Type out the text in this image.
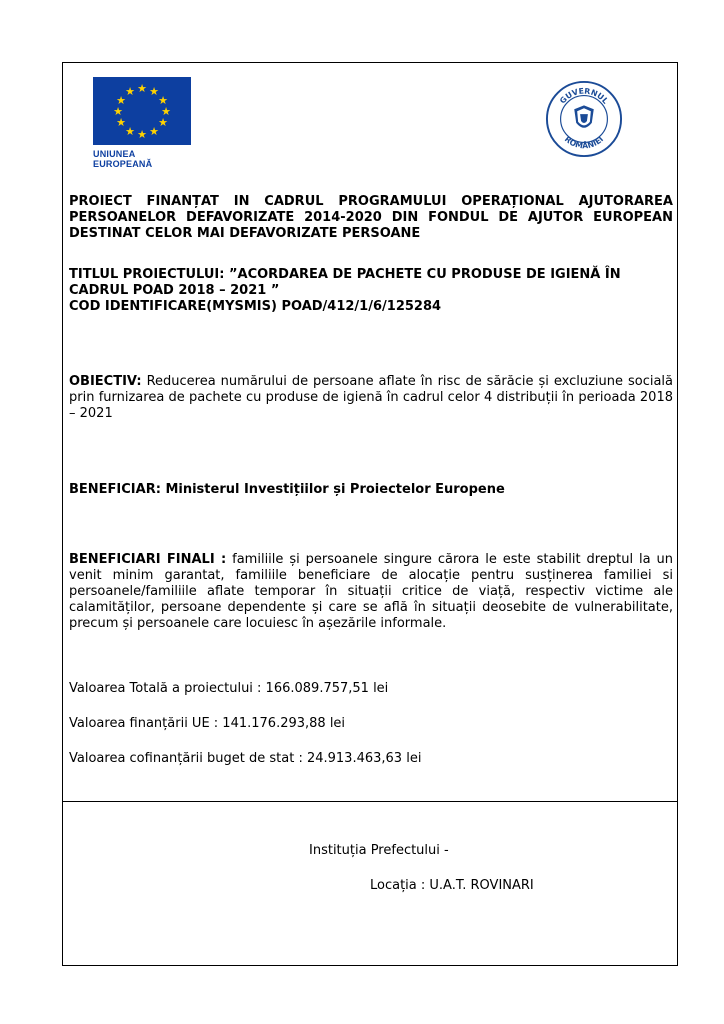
★ ★
★
★
★
★
★
★
★
★
★
★
UNIUNEA EUROPEANĂ
GUVERNUL
ROMÂNIEI
PROIECT FINANȚAT IN CADRUL PROGRAMULUI OPERAȚIONAL AJUTORAREA PERSOANELOR DEFAVORIZATE 2014-2020 DIN FONDUL DE AJUTOR EUROPEAN DESTINAT CELOR MAI DEFAVORIZATE PERSOANE
TITLUL PROIECTULUI: ”ACORDAREA DE PACHETE CU PRODUSE DE IGIENĂ ÎN CADRUL POAD 2018 – 2021 ”
COD IDENTIFICARE(MYSMIS) POAD/412/1/6/125284
OBIECTIV: Reducerea numărului de persoane aflate în risc de sărăcie și excluziune socială prin furnizarea de pachete cu produse de igienă în cadrul celor 4 distribuții în perioada 2018 – 2021
BENEFICIAR: Ministerul Investițiilor și Proiectelor Europene
BENEFICIARI FINALI : familiile și persoanele singure cărora le este stabilit dreptul la un venit minim garantat, familiile beneficiare de alocație pentru susținerea familiei si persoanele/familiile aflate temporar în situații critice de viață, respectiv victime ale calamităților, persoane dependente și care se află în situații deosebite de vulnerabilitate, precum și persoanele care locuiesc în așezările informale.
Valoarea Totală a proiectului : 166.089.757,51 lei
Valoarea finanțării UE : 141.176.293,88 lei
Valoarea cofinanțării buget de stat : 24.913.463,63 lei
Instituția Prefectului -
Locația : U.A.T. ROVINARI
